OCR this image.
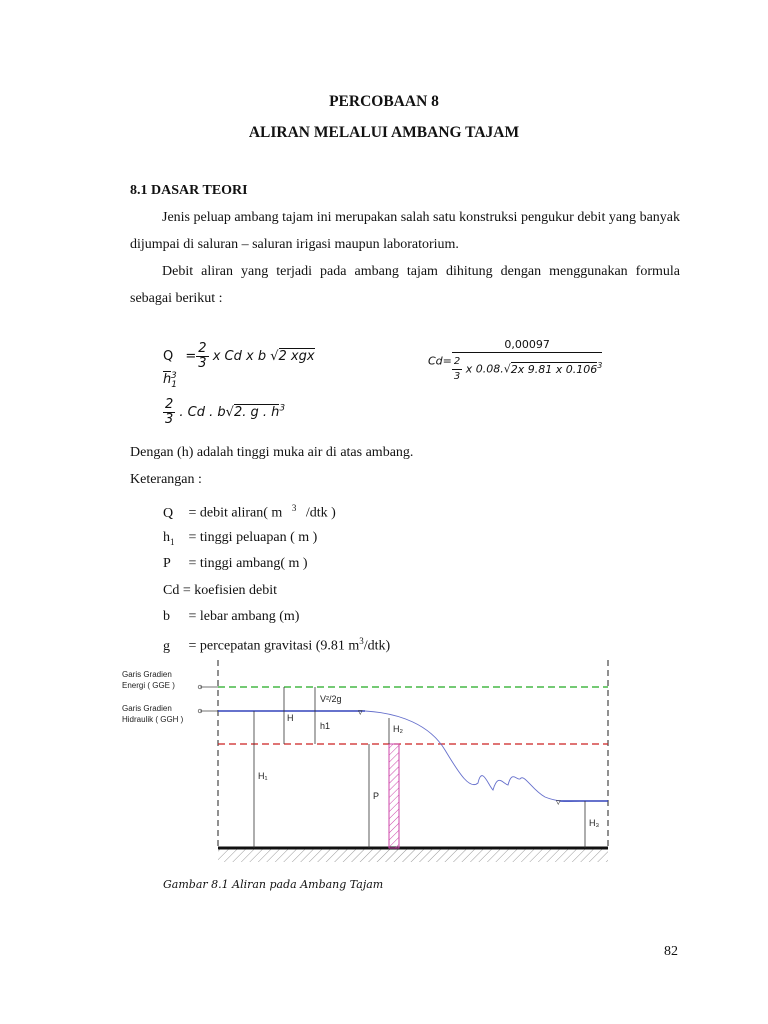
PERCOBAAN 8
ALIRAN MELALUI AMBANG TAJAM
8.1 DASAR TEORI
Jenis peluap ambang tajam ini merupakan salah satu konstruksi pengukur debit yang banyak dijumpai di saluran – saluran irigasi maupun laboratorium.
Debit aliran yang terjadi pada ambang tajam dihitung dengan menggunakan formula sebagai berikut :
$Q = \frac{2}{3}$ x Cd x b √2 xgx $h_1^3$
$Cd= \frac{0,00097}{\frac{2}{3} x 0.08.√2x 9.81 x 0.106^3}$
$\frac{2}{3}$ . Cd . b√2. g . $h^3$
Dengan (h) adalah tinggi muka air di atas ambang.
Keterangan :
Q = debit aliran( m $^3$ /dtk )
$h_1$ = tinggi peluapan ( m )
P = tinggi ambang( m )
Cd = koefisien debit
b = lebar ambang (m)
g = percepatan gravitasi (9.81 $m^3/dtk$)
Garis Gradien
Energi ( GGE )
Garis Gradien
Hidraulik ( GGH )
▿
▿
H₁
H
V²/2g
h1	H₂
P
H₃
Gambar 8.1 Aliran pada Ambang Tajam
82
